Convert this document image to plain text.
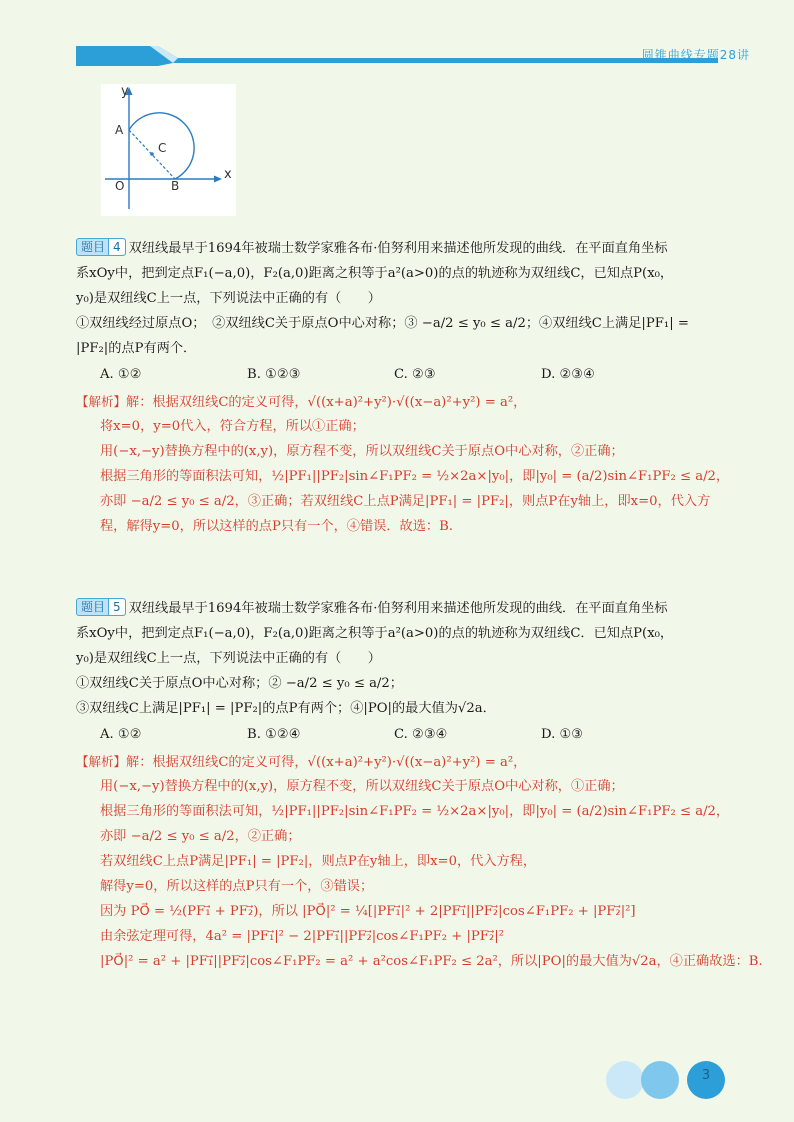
圆锥曲线专题28讲
y
x
A
C
O	B
题目 4 双纽线最早于1694年被瑞士数学家雅各布·伯努利用来描述他所发现的曲线．在平面直角坐标
系xOy中，把到定点F₁(−a,0)，F₂(a,0)距离之积等于a²(a>0)的点的轨迹称为双纽线C，已知点P(x₀，
y₀)是双纽线C上一点，下列说法中正确的有（　　）
①双纽线经过原点O；　②双纽线C关于原点O中心对称；③ −a/2 ≤ y₀ ≤ a/2；④双纽线C上满足|PF₁| =
|PF₂|的点P有两个．
A. ①②	B. ①②③	C. ②③	D. ②③④
【解析】解：根据双纽线C的定义可得，√((x+a)²+y²)·√((x−a)²+y²) = a²，
将x=0，y=0代入，符合方程，所以①正确；
用(−x,−y)替换方程中的(x,y)，原方程不变，所以双纽线C关于原点O中心对称，②正确；
根据三角形的等面积法可知，½|PF₁||PF₂|sin∠F₁PF₂ = ½×2a×|y₀|，即|y₀| = (a/2)sin∠F₁PF₂ ≤ a/2，
亦即 −a/2 ≤ y₀ ≤ a/2，③正确；若双纽线C上点P满足|PF₁| = |PF₂|，则点P在y轴上，即x=0，代入方
程，解得y=0，所以这样的点P只有一个，④错误．故选：B.
题目 5 双纽线最早于1694年被瑞士数学家雅各布·伯努利用来描述他所发现的曲线．在平面直角坐标
系xOy中，把到定点F₁(−a,0)，F₂(a,0)距离之积等于a²(a>0)的点的轨迹称为双纽线C．已知点P(x₀，
y₀)是双纽线C上一点，下列说法中正确的有（　　）
①双纽线C关于原点O中心对称；② −a/2 ≤ y₀ ≤ a/2；
③双纽线C上满足|PF₁| = |PF₂|的点P有两个；④|PO|的最大值为√2a．
A. ①②	B. ①②④	C. ②③④	D. ①③
【解析】解：根据双纽线C的定义可得，√((x+a)²+y²)·√((x−a)²+y²) = a²，
用(−x,−y)替换方程中的(x,y)，原方程不变，所以双纽线C关于原点O中心对称，①正确；
根据三角形的等面积法可知，½|PF₁||PF₂|sin∠F₁PF₂ = ½×2a×|y₀|，即|y₀| = (a/2)sin∠F₁PF₂ ≤ a/2，
亦即 −a/2 ≤ y₀ ≤ a/2，②正确；
若双纽线C上点P满足|PF₁| = |PF₂|，则点P在y轴上，即x=0，代入方程，
解得y=0，所以这样的点P只有一个，③错误；
因为 PO⃗ = ½(PF₁⃗ + PF₂⃗)，所以 |PO⃗|² = ¼[|PF₁⃗|² + 2|PF₁⃗||PF₂⃗|cos∠F₁PF₂ + |PF₂⃗|²]
由余弦定理可得，4a² = |PF₁⃗|² − 2|PF₁⃗||PF₂⃗|cos∠F₁PF₂ + |PF₂⃗|²
|PO⃗|² = a² + |PF₁⃗||PF₂⃗|cos∠F₁PF₂ = a² + a²cos∠F₁PF₂ ≤ 2a²，所以|PO|的最大值为√2a，④正确故选：B.
3
